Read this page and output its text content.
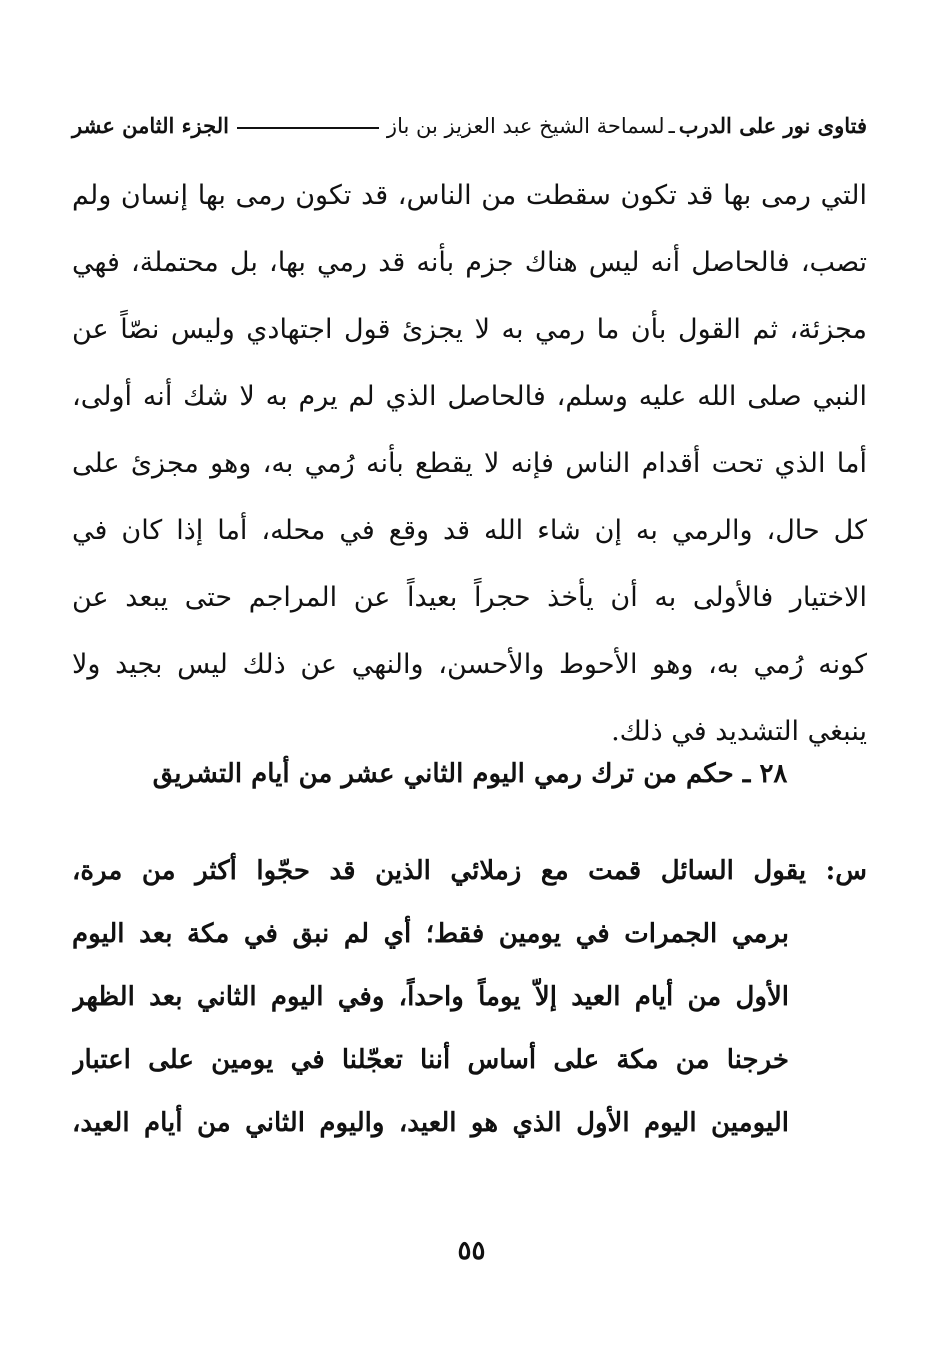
فتاوى نور على الدرب
ـ
لسماحة الشيخ عبد العزيز بن باز
الجزء الثامن عشر
التي رمى بها قد تكون سقطت من الناس، قد تكون رمى بها إنسان ولم
تصب، فالحاصل أنه ليس هناك جزم بأنه قد رمي بها، بل محتملة، فهي
مجزئة، ثم القول بأن ما رمي به لا يجزئ قول اجتهادي وليس نصّاً عن
النبي صلى الله عليه وسلم، فالحاصل الذي لم يرم به لا شك أنه أولى،
أما الذي تحت أقدام الناس فإنه لا يقطع بأنه رُمي به، وهو مجزئ على
كل حال، والرمي به إن شاء الله قد وقع في محله، أما إذا كان في
الاختيار فالأولى به أن يأخذ حجراً بعيداً عن المراجم حتى يبعد عن
كونه رُمي به، وهو الأحوط والأحسن، والنهي عن ذلك ليس بجيد ولا
ينبغي التشديد في ذلك.
٢٨ ـ حكم من ترك رمي اليوم الثاني عشر من أيام التشريق
س: يقول السائل قمت مع زملائي الذين قد حجّوا أكثر من مرة،
برمي الجمرات في يومين فقط؛ أي لم نبق في مكة بعد اليوم
الأول من أيام العيد إلاّ يوماً واحداً، وفي اليوم الثاني بعد الظهر
خرجنا من مكة على أساس أننا تعجّلنا في يومين على اعتبار
اليومين اليوم الأول الذي هو العيد، واليوم الثاني من أيام العيد،
٥٥
